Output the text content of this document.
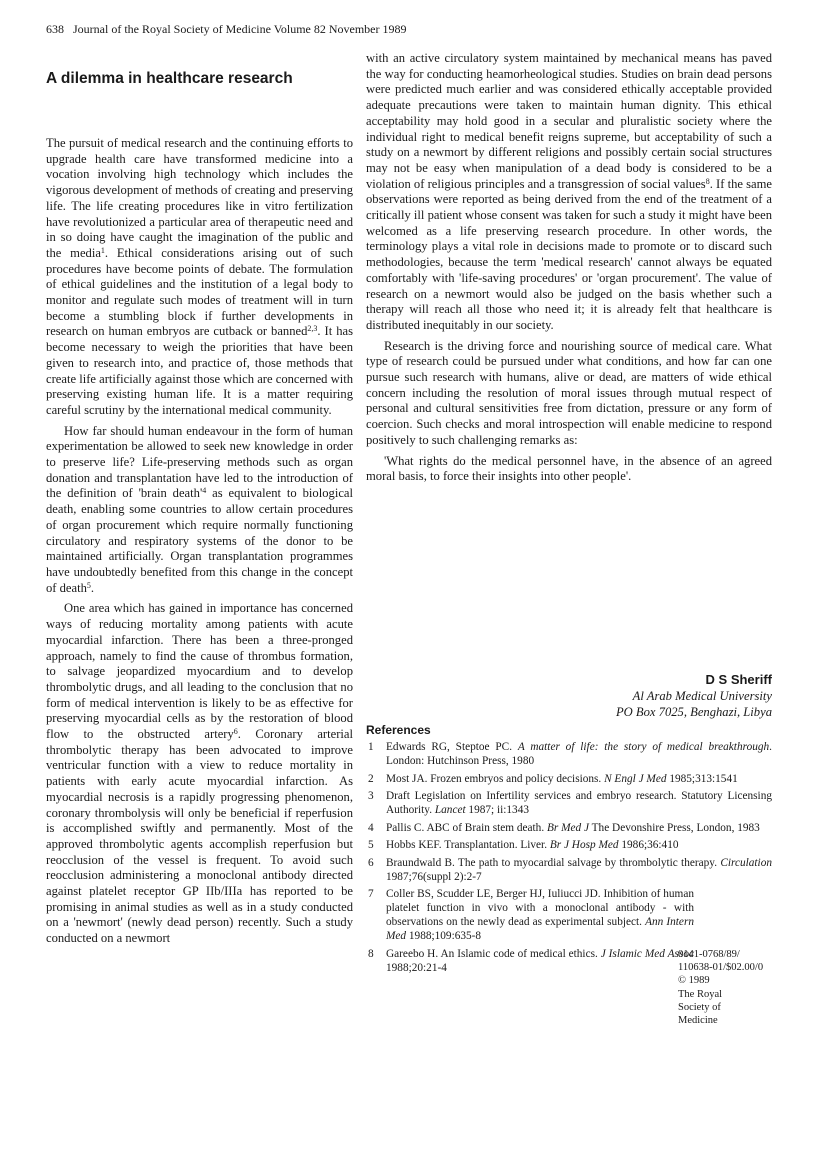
638 Journal of the Royal Society of Medicine Volume 82 November 1989
A dilemma in healthcare research

The pursuit of medical research and the continuing efforts to upgrade health care have transformed medicine into a vocation involving high technology which includes the vigorous development of methods of creating and preserving life. The life creating procedures like in vitro fertilization have revolutionized a particular area of therapeutic need and in so doing have caught the imagination of the public and the media$^1$. Ethical considerations arising out of such procedures have become points of debate. The formulation of ethical guidelines and the institution of a legal body to monitor and regulate such modes of treatment will in turn become a stumbling block if further developments in research on human embryos are cutback or banned$^{2,3}$. It has become necessary to weigh the priorities that have been given to research into, and practice of, those methods that create life artificially against those which are concerned with preserving existing human life. It is a matter requiring careful scrutiny by the international medical community.

How far should human endeavour in the form of human experimentation be allowed to seek new knowledge in order to preserve life? Life-preserving methods such as organ donation and transplantation have led to the introduction of the definition of 'brain $death'^4$ as equivalent to biological death, enabling some countries to allow certain procedures of organ procurement which require normally functioning circulatory and respiratory systems of the donor to be maintained artificially. Organ transplantation programmes have undoubtedly benefited from this change in the concept of death$^5$.

One area which has gained in importance has concerned ways of reducing mortality among patients with acute myocardial infarction. There has been a three-pronged approach, namely to find the cause of thrombus formation, to salvage jeopardized myocardium and to develop thrombolytic drugs, and all leading to the conclusion that no form of medical intervention is likely to be as effective for preserving myocardial cells as by the restoration of blood flow to the obstructed artery$^6$. Coronary arterial thrombolytic therapy has been advocated to improve ventricular function with a view to reduce mortality in patients with early acute myocardial infarction. As myocardial necrosis is a rapidly progressing phenomenon, coronary thrombolysis will only be beneficial if reperfusion is accomplished swiftly and permanently. Most of the approved thrombolytic agents accomplish reperfusion but reocclusion of the vessel is frequent. To avoid such reocclusion administering a monoclonal antibody directed against platelet receptor GP IIb/IIIa has reported to be promising in animal studies as well as in a study conducted on a 'newmort' (newly dead person) recently. Such a study conducted on a newmort

with an active circulatory system maintained by mechanical means has paved the way for conducting heamorheological studies. Studies on brain dead persons were predicted much earlier and was considered ethically acceptable provided adequate precautions were taken to maintain human dignity. This ethical acceptability may hold good in a secular and pluralistic society where the individual right to medical benefit reigns supreme, but acceptability of such a study on a newmort by different religions and possibly certain social structures may not be easy when manipulation of a dead body is considered to be a violation of religious principles and a transgression of social values$^8$. If the same observations were reported as being derived from the end of the treatment of a critically ill patient whose consent was taken for such a study it might have been welcomed as a life preserving research procedure. In other words, the terminology plays a vital role in decisions made to promote or to discard such methodologies, because the term 'medical research' cannot always be equated comfortably with 'life-saving procedures' or 'organ procurement'. The value of research on a newmort would also be judged on the basis whether such a therapy will reach all those who need it; it is already felt that healthcare is distributed inequitably in our society.

Research is the driving force and nourishing source of medical care. What type of research could be pursued under what conditions, and how far can one pursue such research with humans, alive or dead, are matters of wide ethical concern including the resolution of moral issues through mutual respect of personal and cultural sensitivities free from dictation, pressure or any form of coercion. Such checks and moral introspection will enable medicine to respond positively to such challenging remarks as:

'What rights do the medical personnel have, in the absence of an agreed moral basis, to force their insights into other people'.

D S Sheriff
Al Arab Medical University
PO Box 7025, Benghazi, Libya
References
1 Edwards RG, Steptoe PC. A matter of life: the story of medical breakthrough. London: Hutchinson Press, 1980
2 Most JA. Frozen embryos and policy decisions. N Engl J Med 1985;313:1541
3 Draft Legislation on Infertility services and embryo research. Statutory Licensing Authority. Lancet 1987; ii:1343
4 Pallis C. ABC of Brain stem death. Br Med J The Devonshire Press, London, 1983
5 Hobbs KEF. Transplantation. Liver. Br J Hosp Med 1986;36:410
6 Braundwald B. The path to myocardial salvage by thrombolytic therapy. Circulation 1987;76(suppl 2):2-7
7 Coller BS, Scudder LE, Berger HJ, Iuliucci JD. Inhibition of human platelet function in vivo with a monoclonal antibody - with observations on the newly dead as experimental subject. Ann Intern Med 1988;109:635-8
8 Gareebo H. An Islamic code of medical ethics. J Islamic Med Assoc 1988;20:21-4
0141-0768/89/
110638-01/$02.00/0
© 1989
The Royal
Society of
Medicine
